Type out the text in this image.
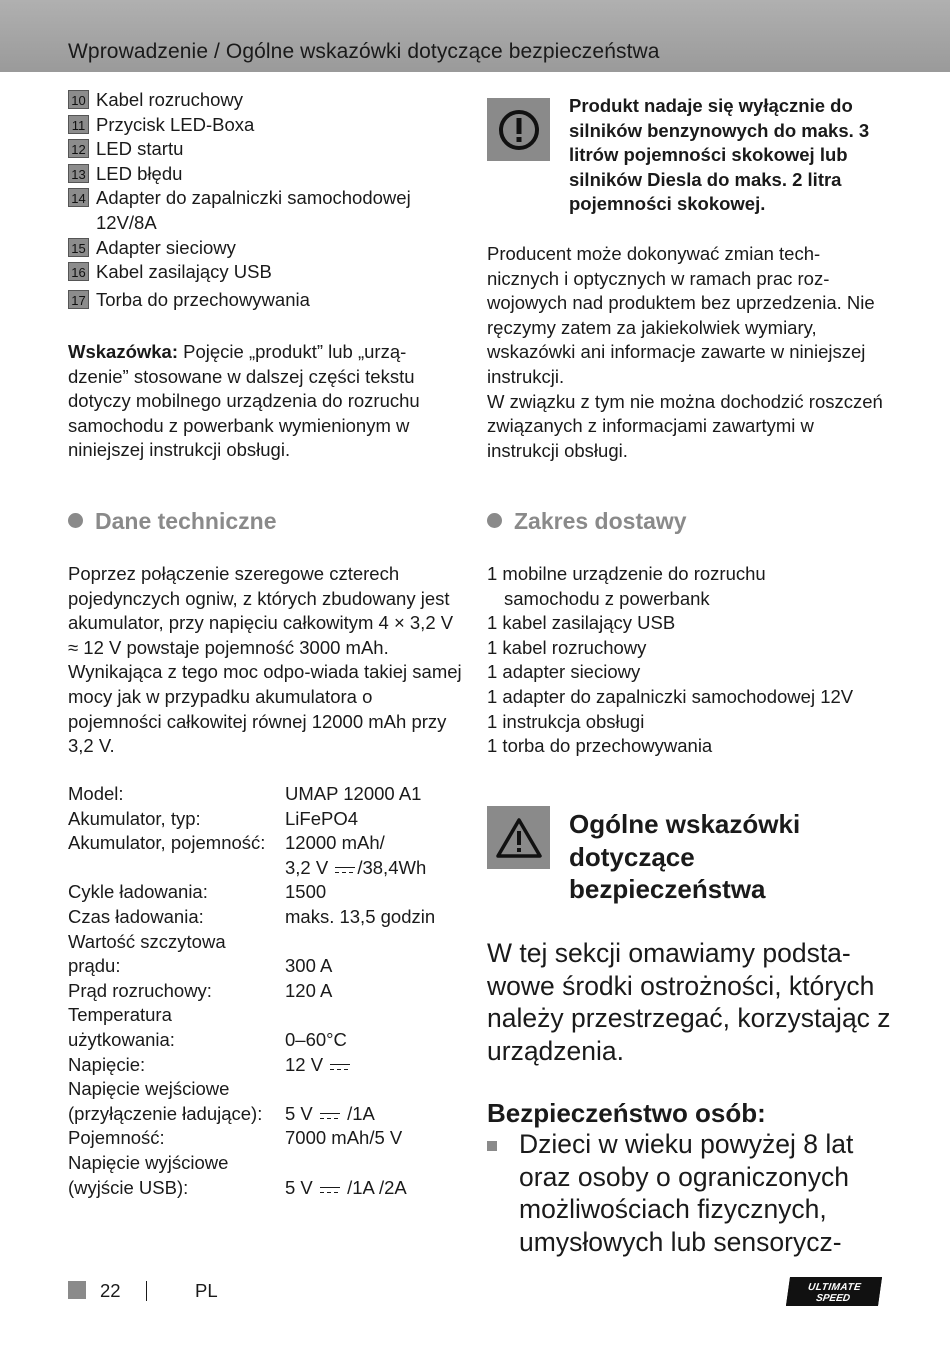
Wprowadzenie / Ogólne wskazówki dotyczące bezpieczeństwa
10 Kabel rozruchowy
11 Przycisk LED-Boxa
12 LED startu
13 LED błędu
14 Adapter do zapalniczki samochodowej 12V/8A
15 Adapter sieciowy
16 Kabel zasilający USB
17 Torba do przechowywania

Wskazówka: Pojęcie „produkt” lub „urzą-dzenie” stosowane w dalszej części tekstu dotyczy mobilnego urządzenia do rozruchu samochodu z powerbank wymienionym w niniejszej instrukcji obsługi.

Produkt nadaje się wyłącznie do silników benzynowych do maks. 3 litrów pojemności skokowej lub silników Diesla do maks. 2 litra pojemności skokowej.

Producent może dokonywać zmian tech-nicznych i optycznych w ramach prac roz-wojowych nad produktem bez uprzedzenia. Nie ręczymy zatem za jakiekolwiek wymiary, wskazówki ani informacje zawarte w niniejszej instrukcji.

W związku z tym nie można dochodzić roszczeń związanych z informacjami zawartymi w instrukcji obsługi.

Dane techniczne

Poprzez połączenie szeregowe czterech pojedynczych ogniw, z których zbudowany jest akumulator, przy napięciu całkowitym 4 × 3,2 V ≈ 12 V powstaje pojemność 3000 mAh. Wynikająca z tego moc odpo-wiada takiej samej mocy jak w przypadku akumulatora o pojemności całkowitej równej 12000 mAh przy 3,2 V.

Model:	UMAP 12000 A1
Akumulator, typ:	LiFePO4
Akumulator, pojemność:	12000 mAh/
3,2 V /38,4Wh
Cykle ładowania:	1500
Czas ładowania:	maks. 13,5 godzin
Wartość szczytowa
prądu:	300 A
Prąd rozruchowy:	120 A
Temperatura
użytkowania:	0–60°C
Napięcie:	12 V
Napięcie wejściowe
(przyłączenie ładujące):	5 V /1A
Pojemność:	7000 mAh/5 V
Napięcie wyjściowe
(wyjście USB):	5 V /1A /2A
Zakres dostawy
1 mobilne urządzenie do rozruchu
samochodu z powerbank
1 kabel zasilający USB
1 kabel rozruchowy
1 adapter sieciowy
1 adapter do zapalniczki samochodowej 12V
1 instrukcja obsługi
1 torba do przechowywania
Ogólne wskazówki
dotyczące
bezpieczeństwa
W tej sekcji omawiamy podsta-wowe środki ostrożności, których należy przestrzegać, korzystając z urządzenia.
Bezpieczeństwo osób:
Dzieci w wieku powyżej 8 lat oraz osoby o ograniczonych możliwościach fizycznych, umysłowych lub sensorycz-
22	PL	ULTIMATE
SPEED
